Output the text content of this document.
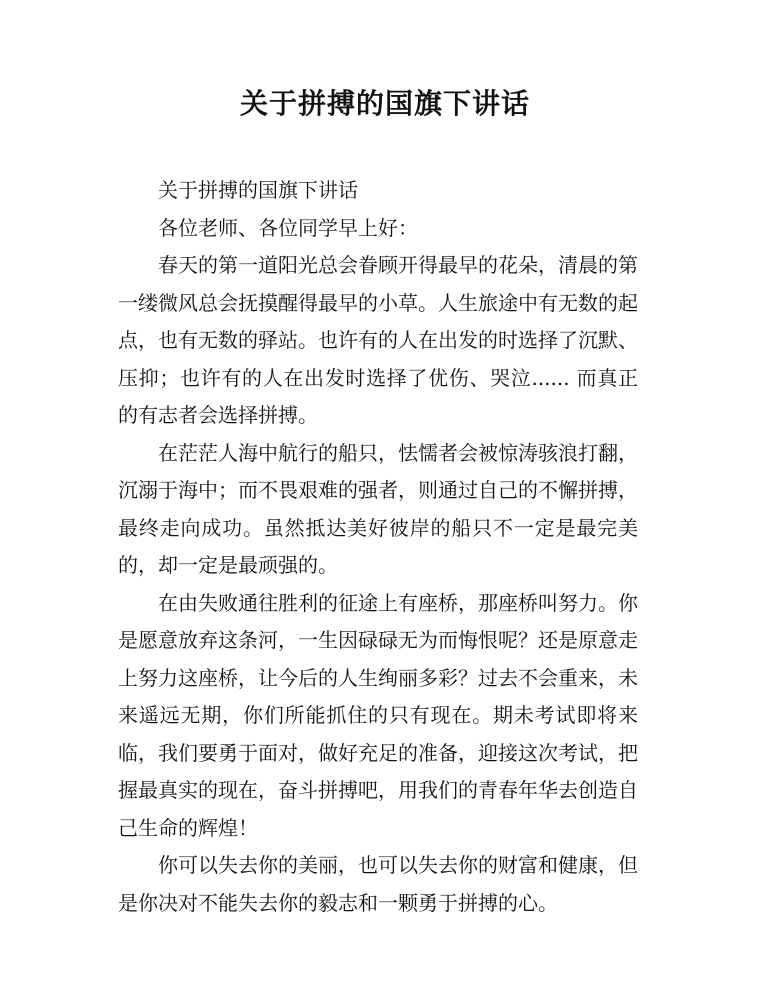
关于拼搏的国旗下讲话

关于拼搏的国旗下讲话

各位老师、各位同学早上好：

春天的第一道阳光总会眷顾开得最早的花朵，清晨的第一缕微风总会抚摸醒得最早的小草。人生旅途中有无数的起点，也有无数的驿站。也许有的人在出发的时选择了沉默、压抑；也许有的人在出发时选择了优伤、哭泣...... 而真正的有志者会选择拼搏。

在茫茫人海中航行的船只，怯懦者会被惊涛骇浪打翻，沉溺于海中；而不畏艰难的强者，则通过自己的不懈拼搏，最终走向成功。虽然抵达美好彼岸的船只不一定是最完美的，却一定是最顽强的。

在由失败通往胜利的征途上有座桥，那座桥叫努力。你是愿意放弃这条河，一生因碌碌无为而悔恨呢？还是原意走上努力这座桥，让今后的人生绚丽多彩？过去不会重来，未来遥远无期，你们所能抓住的只有现在。期未考试即将来临，我们要勇于面对，做好充足的准备，迎接这次考试，把握最真实的现在，奋斗拼搏吧，用我们的青春年华去创造自己生命的辉煌！

你可以失去你的美丽，也可以失去你的财富和健康，但是你决对不能失去你的毅志和一颗勇于拼搏的心。
